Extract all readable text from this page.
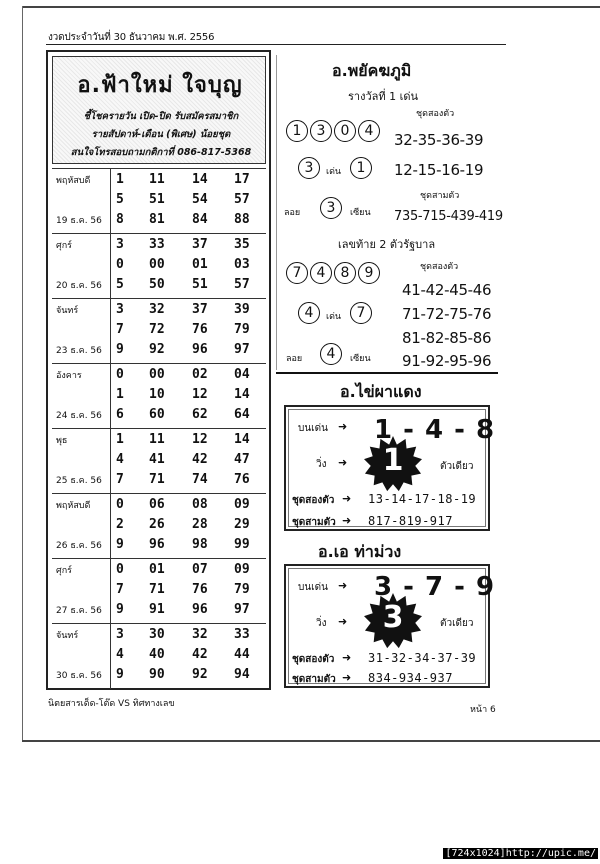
งวดประจำวันที่ 30 ธันวาคม พ.ศ. 2556
อ.ฟ้าใหม่ ใจบุญ
ชี้โชครายวัน เปิด-ปิด รับสมัครสมาชิก
รายสัปดาห์-เดือน (พิเศษ) น้อยชุด
สนใจโทรสอบถามกติกาที่ 086-817-5368
พฤหัสบดี
19 ธ.ค. 56
1 11 14 17
5 51 54 57
8 81 84 88
ศุกร์
20 ธ.ค. 56
3 33 37 35
0 00 01 03
5 50 51 57
จันทร์
23 ธ.ค. 56
3 32 37 39
7 72 76 79
9 92 96 97
อังคาร
24 ธ.ค. 56
0 00 02 04
1 10 12 14
6 60 62 64
พุธ
25 ธ.ค. 56
1 11 12 14
4 41 42 47
7 71 74 76
พฤหัสบดี
26 ธ.ค. 56
0 06 08 09
2 26 28 29
9 96 98 99
ศุกร์
27 ธ.ค. 56
0 01 07 09
7 71 76 79
9 91 96 97
จันทร์
30 ธ.ค. 56
3 30 32 33
4 40 42 44
9 90 92 94
อ.พยัคฆภูมิ
รางวัลที่ 1 เด่น
ชุดสองตัว
1	3	0	4	32-35-36-39
3	เด่น	1	12-15-16-19
ชุดสามตัว
ลอย	3	เซียน 735-715-439-419
เลขท้าย 2 ตัวรัฐบาล
ชุดสองตัว
7	4	8	9
41-42-45-46
4	เด่น	7	71-72-75-76
81-82-85-86
ลอย	4	เซียน 91-92-95-96
อ.ไข่ผาแดง
บนเด่น ➜ 1 - 4 - 8
วิ่ง ➜	1	ตัวเดียว
ชุดสองตัว ➜ 13-14-17-18-19
ชุดสามตัว ➜ 817-819-917
อ.เอ ท่าม่วง
บนเด่น ➜ 3 - 7 - 9
วิ่ง ➜	3	ตัวเดียว
ชุดสองตัว ➜ 31-32-34-37-39
ชุดสามตัว ➜ 834-934-937
นิตยสารเด็ด-โต๊ด VS ทิศทางเลข
หน้า 6
[724x1024]http://upic.me/
